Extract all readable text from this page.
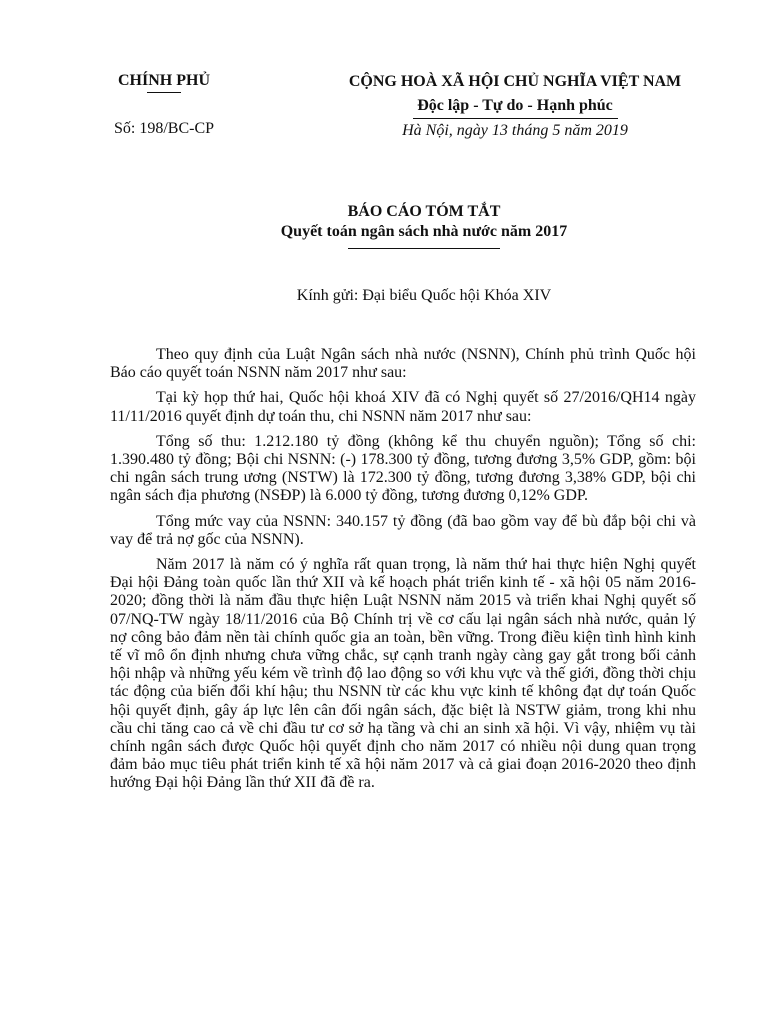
CHÍNH PHỦ
Số: 198/BC-CP
CỘNG HOÀ XÃ HỘI CHỦ NGHĨA VIỆT NAM
Độc lập - Tự do - Hạnh phúc
Hà Nội, ngày 13 tháng 5 năm 2019
BÁO CÁO TÓM TẮT
Quyết toán ngân sách nhà nước năm 2017
Kính gửi: Đại biểu Quốc hội Khóa XIV

Theo quy định của Luật Ngân sách nhà nước (NSNN), Chính phủ trình Quốc hội Báo cáo quyết toán NSNN năm 2017 như sau:

Tại kỳ họp thứ hai, Quốc hội khoá XIV đã có Nghị quyết số 27/2016/QH14 ngày 11/11/2016 quyết định dự toán thu, chi NSNN năm 2017 như sau:

Tổng số thu: 1.212.180 tỷ đồng (không kể thu chuyển nguồn); Tổng số chi: 1.390.480 tỷ đồng; Bội chi NSNN: (-) 178.300 tỷ đồng, tương đương 3,5% GDP, gồm: bội chi ngân sách trung ương (NSTW) là 172.300 tỷ đồng, tương đương 3,38% GDP, bội chi ngân sách địa phương (NSĐP) là 6.000 tỷ đồng, tương đương 0,12% GDP.

Tổng mức vay của NSNN: 340.157 tỷ đồng (đã bao gồm vay để bù đắp bội chi và vay để trả nợ gốc của NSNN).

Năm 2017 là năm có ý nghĩa rất quan trọng, là năm thứ hai thực hiện Nghị quyết Đại hội Đảng toàn quốc lần thứ XII và kế hoạch phát triển kinh tế - xã hội 05 năm 2016-2020; đồng thời là năm đầu thực hiện Luật NSNN năm 2015 và triển khai Nghị quyết số 07/NQ-TW ngày 18/11/2016 của Bộ Chính trị về cơ cấu lại ngân sách nhà nước, quản lý nợ công bảo đảm nền tài chính quốc gia an toàn, bền vững. Trong điều kiện tình hình kinh tế vĩ mô ổn định nhưng chưa vững chắc, sự cạnh tranh ngày càng gay gắt trong bối cảnh hội nhập và những yếu kém về trình độ lao động so với khu vực và thế giới, đồng thời chịu tác động của biến đổi khí hậu; thu NSNN từ các khu vực kinh tế không đạt dự toán Quốc hội quyết định, gây áp lực lên cân đối ngân sách, đặc biệt là NSTW giảm, trong khi nhu cầu chi tăng cao cả về chi đầu tư cơ sở hạ tầng và chi an sinh xã hội. Vì vậy, nhiệm vụ tài chính ngân sách được Quốc hội quyết định cho năm 2017 có nhiều nội dung quan trọng đảm bảo mục tiêu phát triển kinh tế xã hội năm 2017 và cả giai đoạn 2016-2020 theo định hướng Đại hội Đảng lần thứ XII đã đề ra.
